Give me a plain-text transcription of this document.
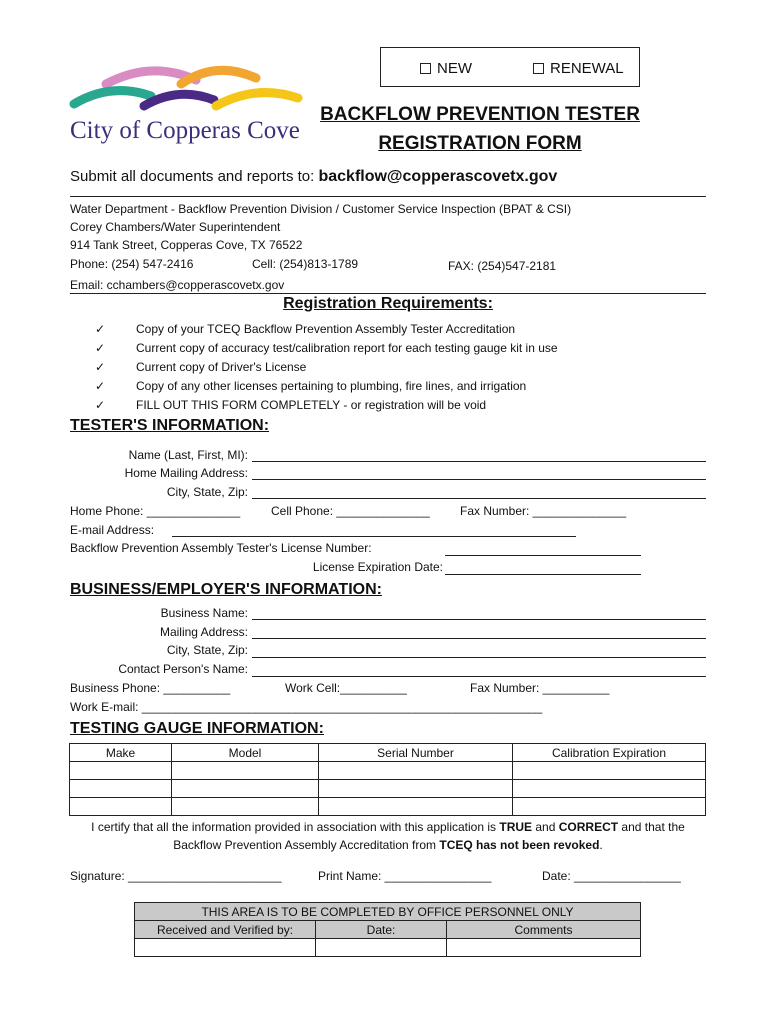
City of Copperas Cove
NEW	RENEWAL
BACKFLOW PREVENTION TESTER
REGISTRATION FORM
Submit all documents and reports to: backflow@copperascovetx.gov
Water Department - Backflow Prevention Division / Customer Service Inspection (BPAT & CSI)
Corey Chambers/Water Superintendent
914 Tank Street, Copperas Cove, TX 76522
Phone: (254) 547-2416	Cell: (254)813-1789	FAX: (254)547-2181
Email: cchambers@copperascovetx.gov
Registration Requirements:
✓	Copy of your TCEQ Backflow Prevention Assembly Tester Accreditation
✓	Current copy of accuracy test/calibration report for each testing gauge kit in use
✓	Current copy of Driver's License
✓	Copy of any other licenses pertaining to plumbing, fire lines, and irrigation
✓	FILL OUT THIS FORM COMPLETELY - or registration will be void
TESTER'S INFORMATION:
Name (Last, First, MI):
Home Mailing Address:
City, State, Zip:
Home Phone: ______________	Cell Phone: ______________	Fax Number: ______________
E-mail Address:
Backflow Prevention Assembly Tester's License Number:
License Expiration Date:
BUSINESS/EMPLOYER'S INFORMATION:
Business Name:
Mailing Address:
City, State, Zip:
Contact Person's Name:
Business Phone: __________	Work Cell:__________	Fax Number: __________
Work E-mail: ____________________________________________________________
TESTING GAUGE INFORMATION:
Make	Model	Serial Number	Calibration Expiration

I certify that all the information provided in association with this application is TRUE and CORRECT and that the
Backflow Prevention Assembly Accreditation from TCEQ has not been revoked.
Signature: _______________________	Print Name: ________________	Date: ________________
THIS AREA IS TO BE COMPLETED BY OFFICE PERSONNEL ONLY		
Received and Verified by:	Date:	Comments
